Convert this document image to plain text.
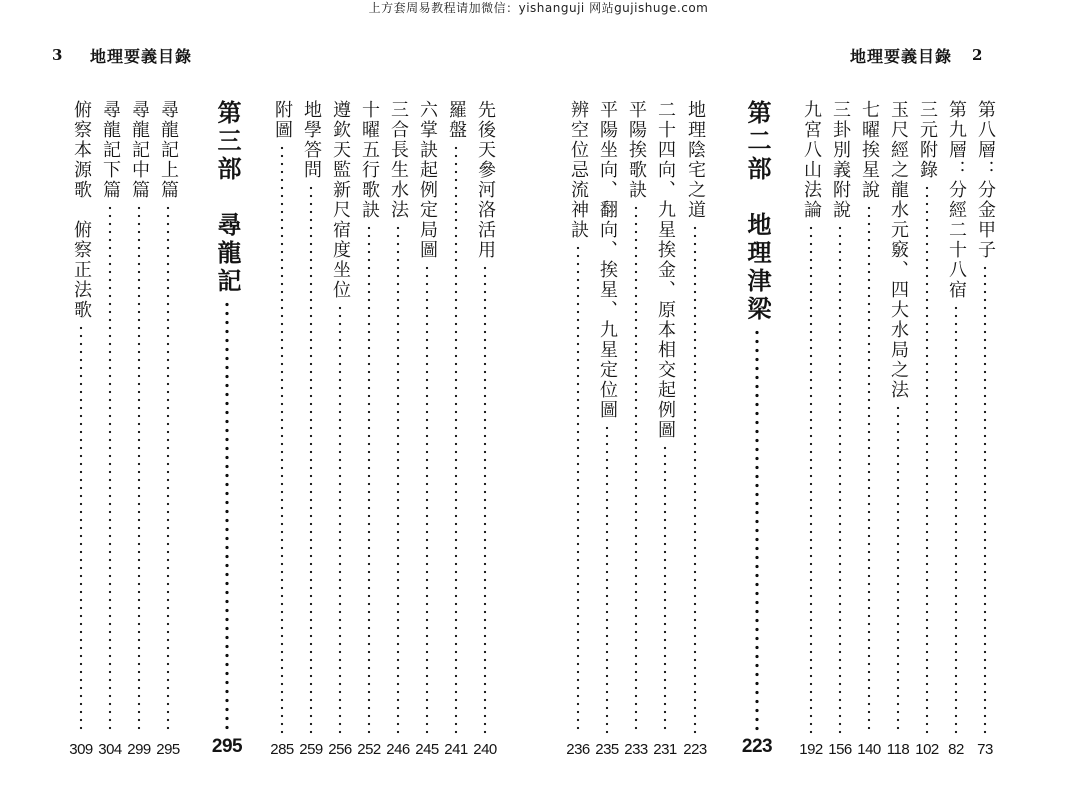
上方套周易教程请加微信：yishanguji 网站gujishuge.com
3 地理要義目錄	地理要義目錄 2
第八層：分金甲子
73
第九層：分經二十八宿
82
三元附錄
102
玉尺經之龍水元竅、四大水局之法
118
七曜挨星說
140
三卦別義附說
156
九宮八山法論
192
第二部　地理津梁
223
地理陰宅之道
223
二十四向、九星挨金、原本相交起例圖
231
平陽挨歌訣
233
平陽坐向、翻向、挨星、九星定位圖
235
辨空位忌流神訣
236
先後天參河洛活用
240
羅盤
241
六掌訣起例定局圖
245
三合長生水法
246
十曜五行歌訣
252
遵欽天監新尺宿度坐位
256
地學答問
259
附圖
285
第三部　尋龍記
295
尋龍記上篇
295
尋龍記中篇
299
尋龍記下篇
304
俯察本源歌　俯察正法歌
309
